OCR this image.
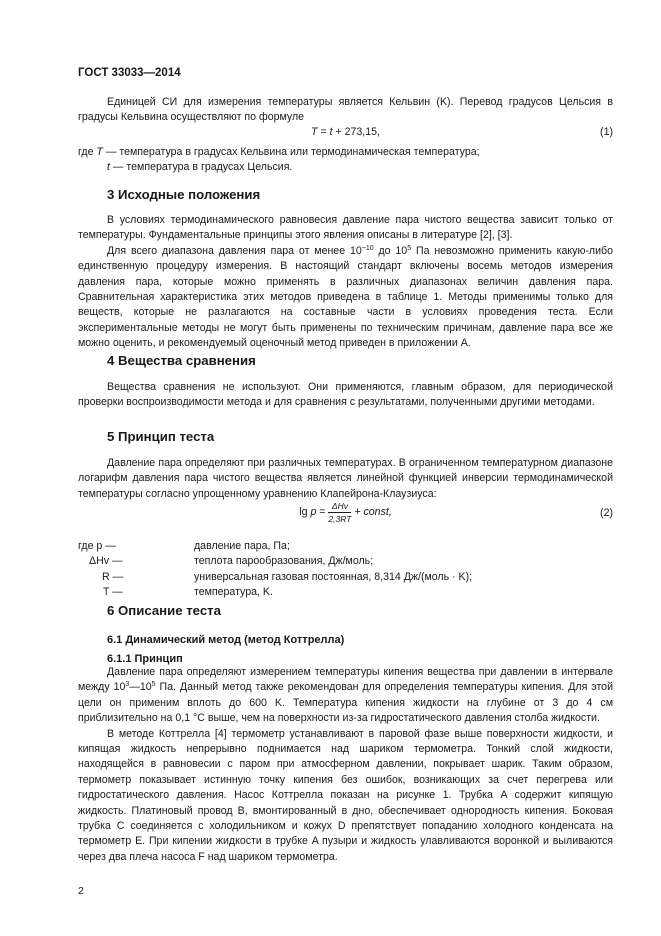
ГОСТ 33033—2014

Единицей СИ для измерения температуры является Кельвин (K). Перевод градусов Цельсия в градусы Кельвина осуществляют по формуле

T = t + 273,15,	(1)
где T — температура в градусах Кельвина или термодинамическая температура;
t — температура в градусах Цельсия.
3 Исходные положения

В условиях термодинамического равновесия давление пара чистого вещества зависит только от температуры. Фундаментальные принципы этого явления описаны в литературе [2], [3].

Для всего диапазона давления пара от менее $10^{-10}$ до $10^5$ Па невозможно применить какую-либо единственную процедуру измерения. В настоящий стандарт включены восемь методов измерения давления пара, которые можно применять в различных диапазонах величин давления пара. Сравнительная характеристика этих методов приведена в таблице 1. Методы применимы только для веществ, которые не разлагаются на составные части в условиях проведения теста. Если экспериментальные методы не могут быть применены по техническим причинам, давление пара все же можно оценить, и рекомендуемый оценочный метод приведен в приложении А.

4 Вещества сравнения

Вещества сравнения не используют. Они применяются, главным образом, для периодической проверки воспроизводимости метода и для сравнения с результатами, полученными другими методами.

5 Принцип теста

Давление пара определяют при различных температурах. В ограниченном температурном диапазоне логарифм давления пара чистого вещества является линейной функцией инверсии термодинамической температуры согласно упрощенному уравнению Клапейрона-Клаузиуса:

$\lg p = \frac{\text{ΔHv}}{2,3RT}$ + const,	(2)
где p —	давление пара, Па;
ΔHv —	теплота парообразования, Дж/моль;
R —	универсальная газовая постоянная, 8,314 Дж/(моль · K);
T —	температура, K.
6 Описание теста
6.1 Динамический метод (метод Коттрелла)
6.1.1 Принцип

Давление пара определяют измерением температуры кипения вещества при давлении в интервале между $10^3—10^5$ Па. Данный метод также рекомендован для определения температуры кипения. Для этой цели он применим вплоть до 600 K. Температура кипения жидкости на глубине от 3 до 4 см приблизительно на 0,1 °C выше, чем на поверхности из-за гидростатического давления столба жидкости.

В методе Коттрелла [4] термометр устанавливают в паровой фазе выше поверхности жидкости, и кипящая жидкость непрерывно поднимается над шариком термометра. Тонкий слой жидкости, находящейся в равновесии с паром при атмосферном давлении, покрывает шарик. Таким образом, термометр показывает истинную точку кипения без ошибок, возникающих за счет перегрева или гидростатического давления. Насос Коттрелла показан на рисунке 1. Трубка A содержит кипящую жидкость. Платиновый провод B, вмонтированный в дно, обеспечивает однородность кипения. Боковая трубка C соединяется с холодильником и кожух D препятствует попаданию холодного конденсата на термометр E. При кипении жидкости в трубке A пузыри и жидкость улавливаются воронкой и выливаются через два плеча насоса F над шариком термометра.

2
